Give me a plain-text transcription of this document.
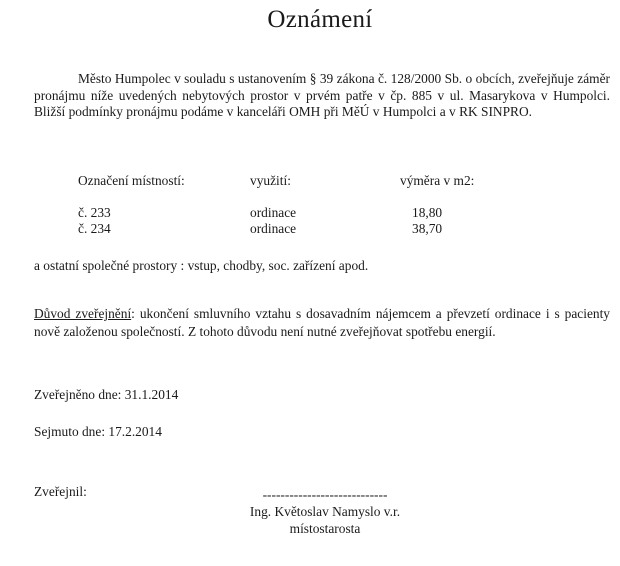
Oznámení

Město Humpolec v souladu s ustanovením § 39 zákona č. 128/2000 Sb. o obcích, zveřejňuje záměr pronájmu níže uvedených nebytových prostor v prvém patře v čp. 885 v ul. Masarykova v Humpolci. Bližší podmínky pronájmu podáme v kanceláři OMH při MěÚ v Humpolci a v RK SINPRO.

Označení místností:	využití:	výměra v m2:
č. 233	ordinace	18,80
č. 234	ordinace	38,70
a ostatní společné prostory : vstup, chodby, soc. zařízení apod.

Důvod zveřejnění: ukončení smluvního vztahu s dosavadním nájemcem a převzetí ordinace i s pacienty nově založenou společností. Z tohoto důvodu není nutné zveřejňovat spotřebu energií.

Zveřejněno dne: 31.1.2014
Sejmuto dne: 17.2.2014
Zveřejnil:	----------------------------
Ing. Květoslav Namyslo v.r.
místostarosta
